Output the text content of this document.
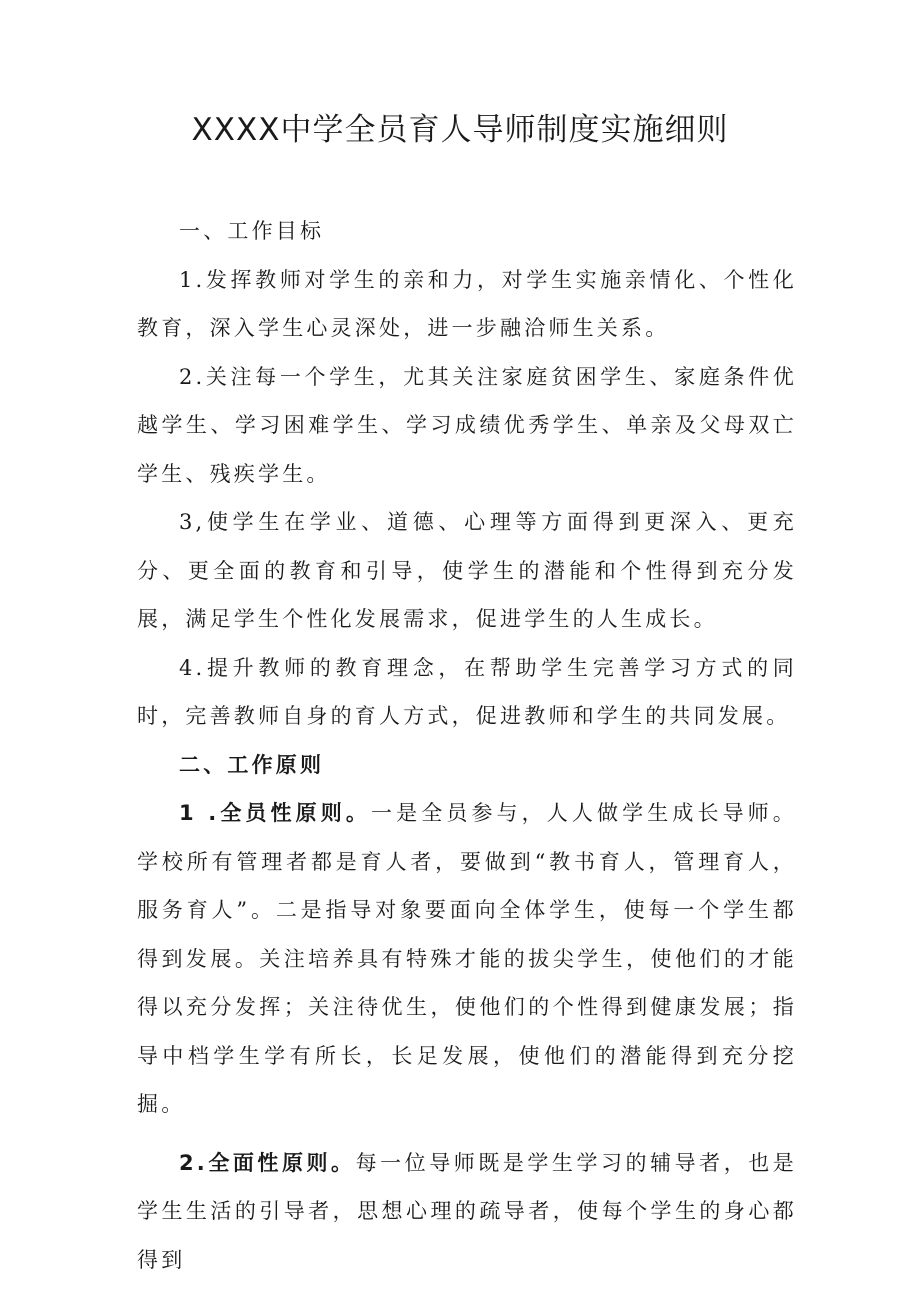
XXXX中学全员育人导师制度实施细则

一、工作目标

1.发挥教师对学生的亲和力，对学生实施亲情化、个性化教育，深入学生心灵深处，进一步融洽师生关系。

2.关注每一个学生，尤其关注家庭贫困学生、家庭条件优越学生、学习困难学生、学习成绩优秀学生、单亲及父母双亡学生、残疾学生。

3,使学生在学业、道德、心理等方面得到更深入、更充分、更全面的教育和引导，使学生的潜能和个性得到充分发展，满足学生个性化发展需求，促进学生的人生成长。

4.提升教师的教育理念，在帮助学生完善学习方式的同时，完善教师自身的育人方式，促进教师和学生的共同发展。

二、工作原则

1 .全员性原则。一是全员参与，人人做学生成长导师。学校所有管理者都是育人者，要做到“教书育人，管理育人，服务育人”。二是指导对象要面向全体学生，使每一个学生都得到发展。关注培养具有特殊才能的拔尖学生，使他们的才能得以充分发挥；关注待优生，使他们的个性得到健康发展；指导中档学生学有所长，长足发展，使他们的潜能得到充分挖掘。

2.全面性原则。每一位导师既是学生学习的辅导者，也是学生生活的引导者，思想心理的疏导者，使每个学生的身心都得到
